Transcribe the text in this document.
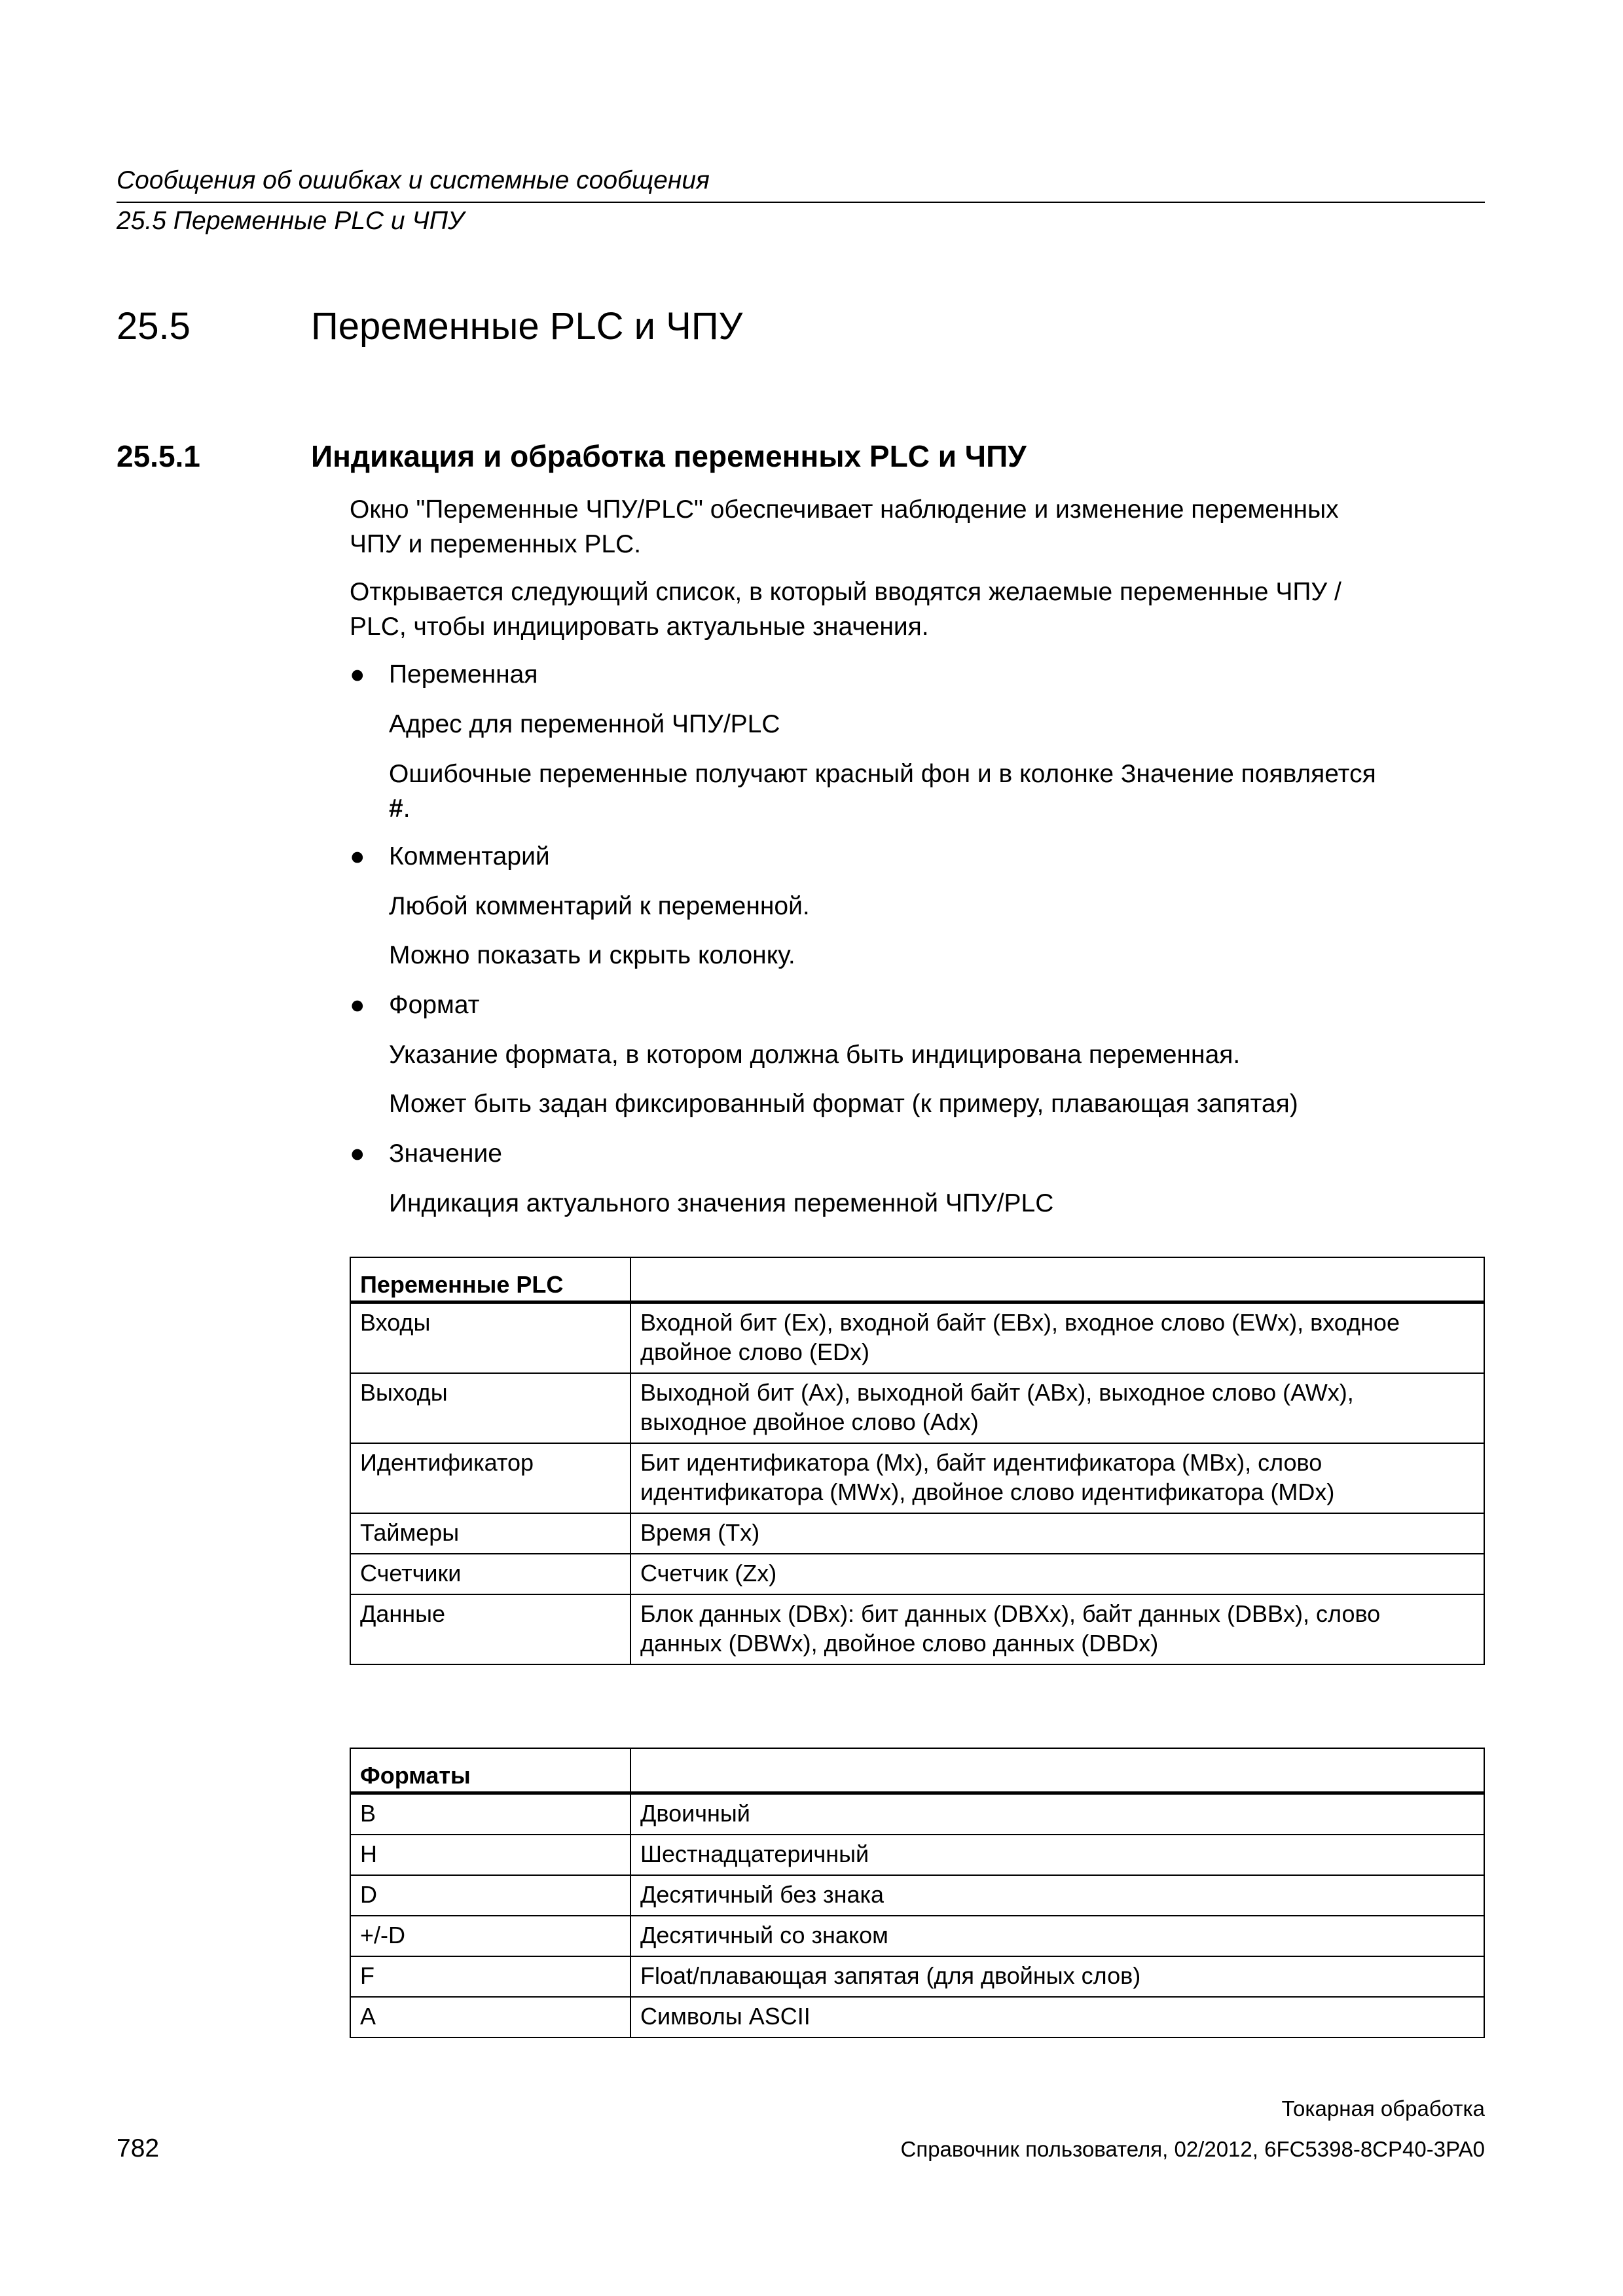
Сообщения об ошибках и системные сообщения
25.5 Переменные PLC и ЧПУ
25.5	Переменные PLC и ЧПУ
25.5.1	Индикация и обработка переменных PLC и ЧПУ
Окно "Переменные ЧПУ/PLC" обеспечивает наблюдение и изменение переменных
ЧПУ и переменных PLC.
Открывается следующий список, в который вводятся желаемые переменные ЧПУ /
PLC, чтобы индицировать актуальные значения.
● Переменная
Адрес для переменной ЧПУ/PLC
Ошибочные переменные получают красный фон и в колонке Значение появляется
#.
● Комментарий
Любой комментарий к переменной.
Можно показать и скрыть колонку.
● Формат
Указание формата, в котором должна быть индицирована переменная.
Может быть задан фиксированный формат (к примеру, плавающая запятая)
● Значение
Индикация актуального значения переменной ЧПУ/PLC
Переменные PLC	
Входы	Входной бит (Ex), входной байт (EBx), входное слово (EWx), входное
двойное слово (EDx)

Выходы	Выходной бит (Ax), выходной байт (ABx), выходное слово (AWx),
выходное двойное слово (Adx)

Идентификатор	Бит идентификатора (Mx), байт идентификатора (MBx), слово
идентификатора (MWx), двойное слово идентификатора (MDx)

Таймеры	Время (Tx)
Счетчики	Счетчик (Zx)
Данные	Блок данных (DBx): бит данных (DBXx), байт данных (DBBx), слово
данных (DBWx), двойное слово данных (DBDx)
Форматы	
B	Двоичный
H	Шестнадцатеричный
D	Десятичный без знака
+/-D	Десятичный со знаком
F	Float/плавающая запятая (для двойных слов)
A	Символы ASCII
Токарная обработка
782	Справочник пользователя, 02/2012, 6FC5398-8CP40-3PA0
